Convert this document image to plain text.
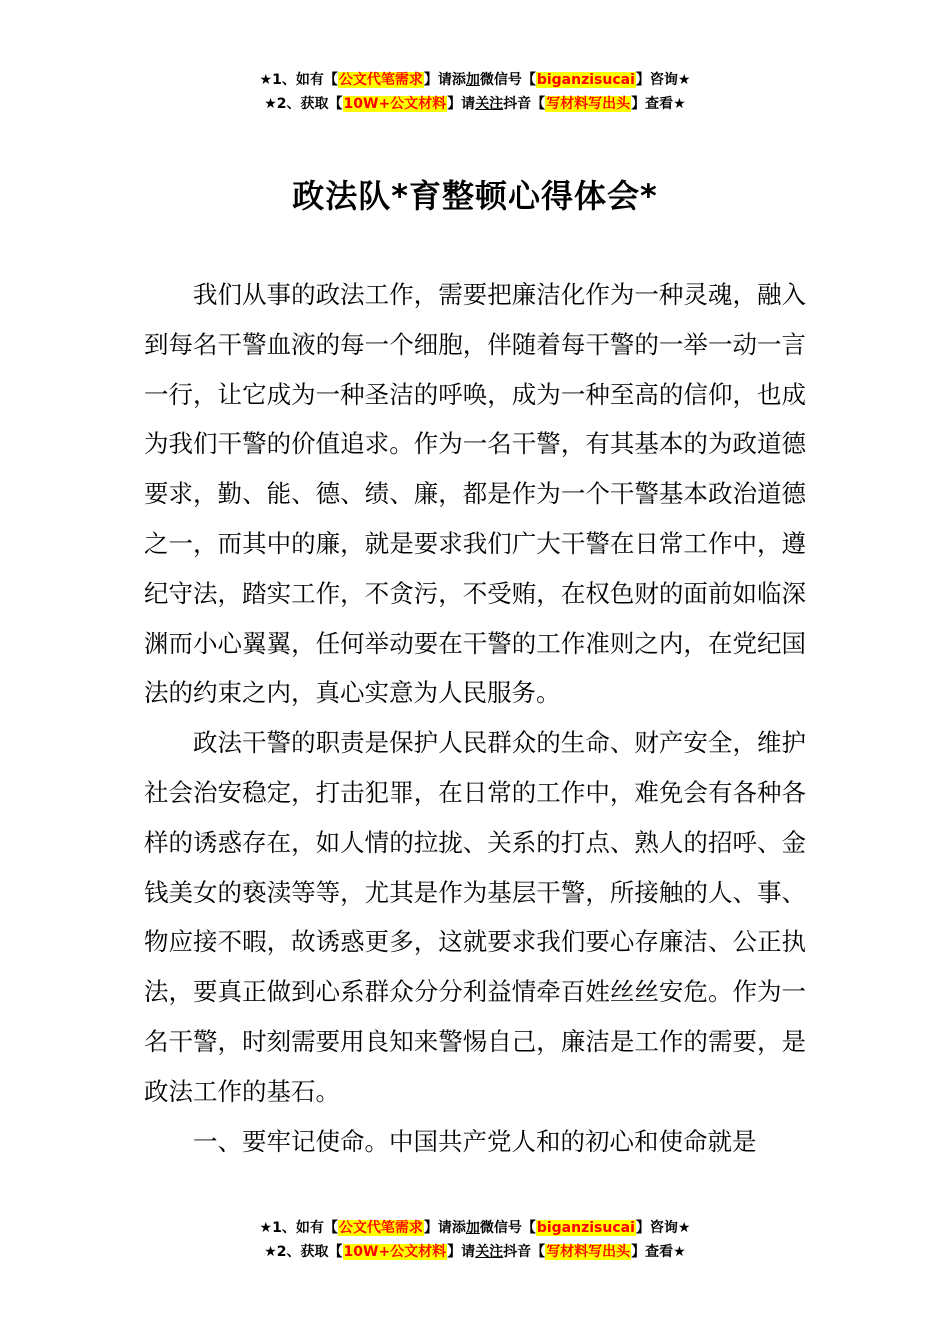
★1、如有【公文代笔需求】请添加微信号【biganzisucai】咨询★
★2、获取【10W+公文材料】请关注抖音【写材料写出头】查看★
政法队*育整顿心得体会*

我们从事的政法工作，需要把廉洁化作为一种灵魂，融入到每名干警血液的每一个细胞，伴随着每干警的一举一动一言一行，让它成为一种圣洁的呼唤，成为一种至高的信仰，也成为我们干警的价值追求。作为一名干警，有其基本的为政道德要求，勤、能、德、绩、廉，都是作为一个干警基本政治道德之一，而其中的廉，就是要求我们广大干警在日常工作中，遵纪守法，踏实工作，不贪污，不受贿，在权色财的面前如临深渊而小心翼翼，任何举动要在干警的工作准则之内，在党纪国法的约束之内，真心实意为人民服务。

政法干警的职责是保护人民群众的生命、财产安全，维护社会治安稳定，打击犯罪，在日常的工作中，难免会有各种各样的诱惑存在，如人情的拉拢、关系的打点、熟人的招呼、金钱美女的亵渎等等，尤其是作为基层干警，所接触的人、事、物应接不暇，故诱惑更多，这就要求我们要心存廉洁、公正执法，要真正做到心系群众分分利益情牵百姓丝丝安危。作为一名干警，时刻需要用良知来警惕自己，廉洁是工作的需要，是政法工作的基石。

一、要牢记使命。中国共产党人和的初心和使命就是

★1、如有【公文代笔需求】请添加微信号【biganzisucai】咨询★
★2、获取【10W+公文材料】请关注抖音【写材料写出头】查看★
